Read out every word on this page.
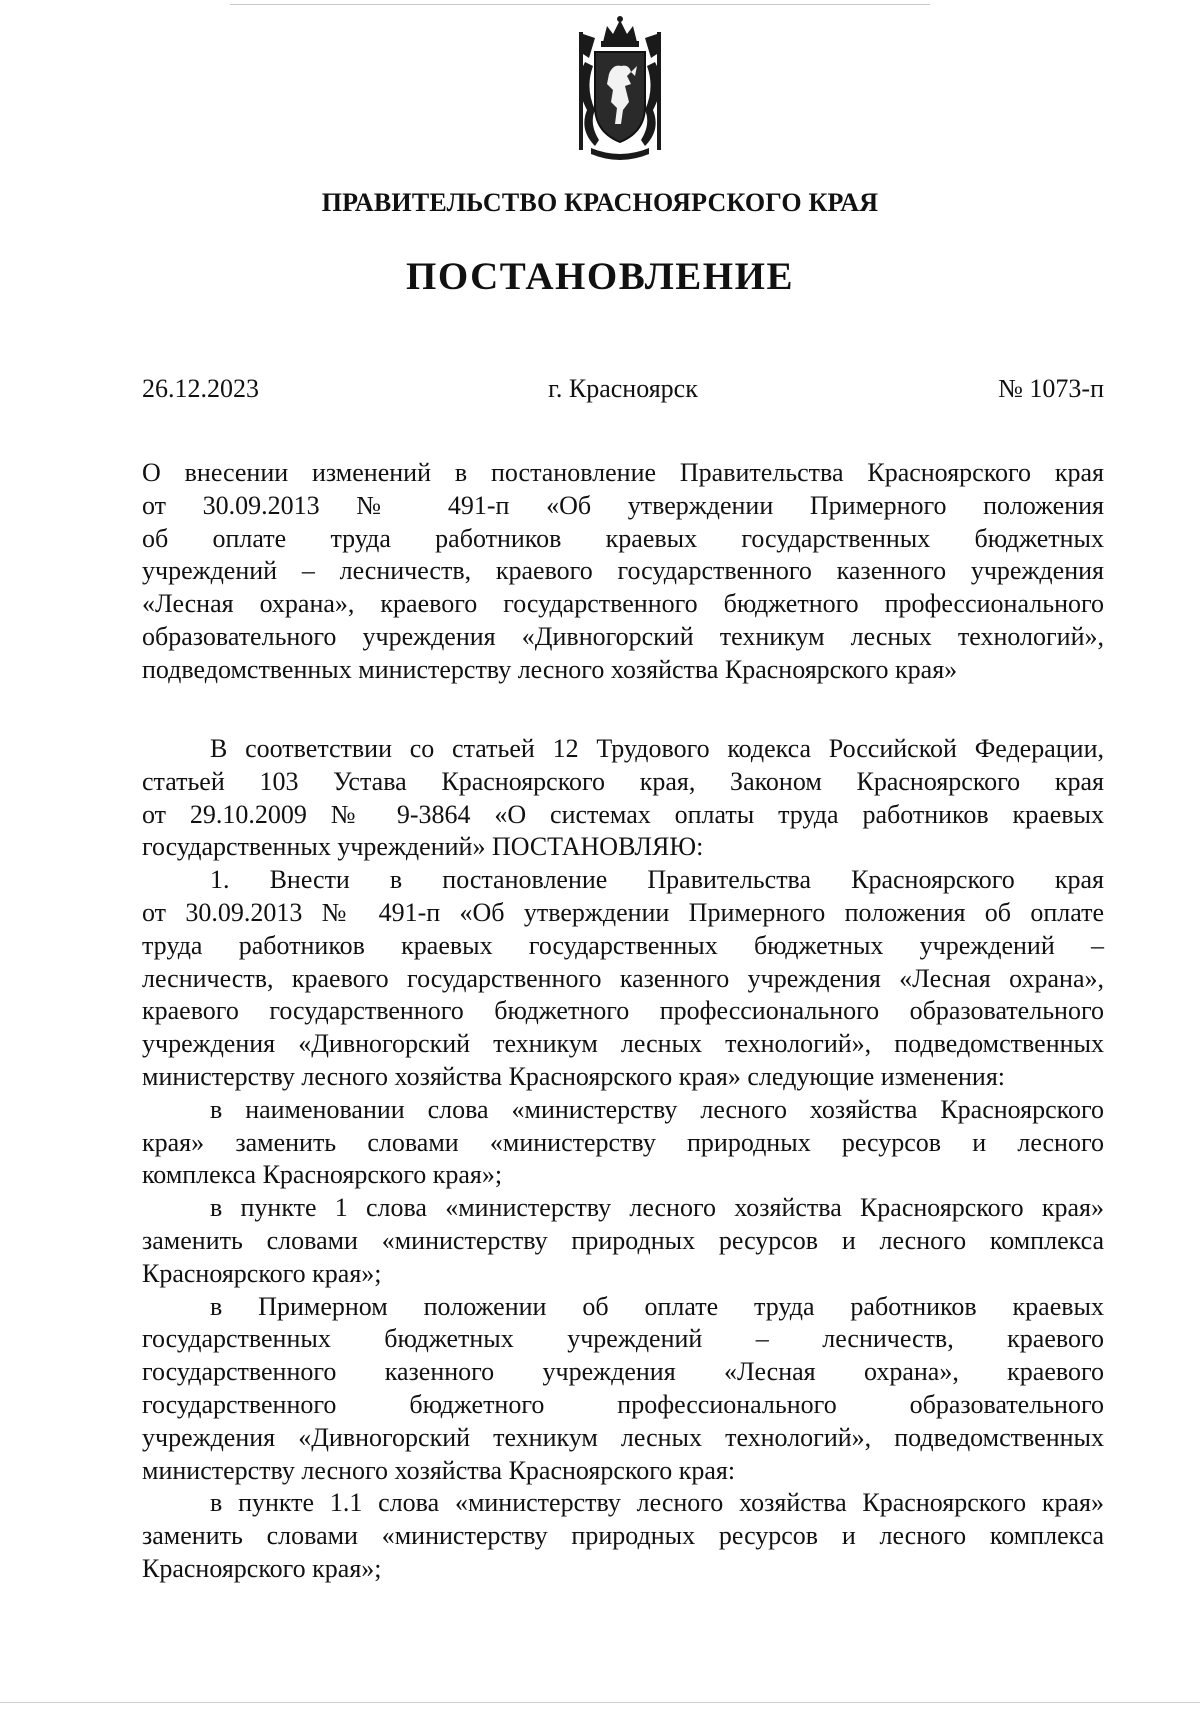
ПРАВИТЕЛЬСТВО КРАСНОЯРСКОГО КРАЯ
ПОСТАНОВЛЕНИЕ
26.12.2023	г. Красноярск	№ 1073-п
О внесении изменений в постановление Правительства Красноярского края
от 30.09.2013 № 491-п «Об утверждении Примерного положения
об оплате труда работников краевых государственных бюджетных
учреждений – лесничеств, краевого государственного казенного учреждения
«Лесная охрана», краевого государственного бюджетного профессионального
образовательного учреждения «Дивногорский техникум лесных технологий»,
подведомственных министерству лесного хозяйства Красноярского края»
В соответствии со статьей 12 Трудового кодекса Российской Федерации,
статьей 103 Устава Красноярского края, Законом Красноярского края
от 29.10.2009 № 9-3864 «О системах оплаты труда работников краевых
государственных учреждений» ПОСТАНОВЛЯЮ:
1. Внести в постановление Правительства Красноярского края
от 30.09.2013 № 491-п «Об утверждении Примерного положения об оплате
труда работников краевых государственных бюджетных учреждений –
лесничеств, краевого государственного казенного учреждения «Лесная охрана»,
краевого государственного бюджетного профессионального образовательного
учреждения «Дивногорский техникум лесных технологий», подведомственных
министерству лесного хозяйства Красноярского края» следующие изменения:
в наименовании слова «министерству лесного хозяйства Красноярского
края» заменить словами «министерству природных ресурсов и лесного
комплекса Красноярского края»;
в пункте 1 слова «министерству лесного хозяйства Красноярского края»
заменить словами «министерству природных ресурсов и лесного комплекса
Красноярского края»;
в Примерном положении об оплате труда работников краевых
государственных бюджетных учреждений – лесничеств, краевого
государственного казенного учреждения «Лесная охрана», краевого
государственного бюджетного профессионального образовательного
учреждения «Дивногорский техникум лесных технологий», подведомственных
министерству лесного хозяйства Красноярского края:
в пункте 1.1 слова «министерству лесного хозяйства Красноярского края»
заменить словами «министерству природных ресурсов и лесного комплекса
Красноярского края»;
